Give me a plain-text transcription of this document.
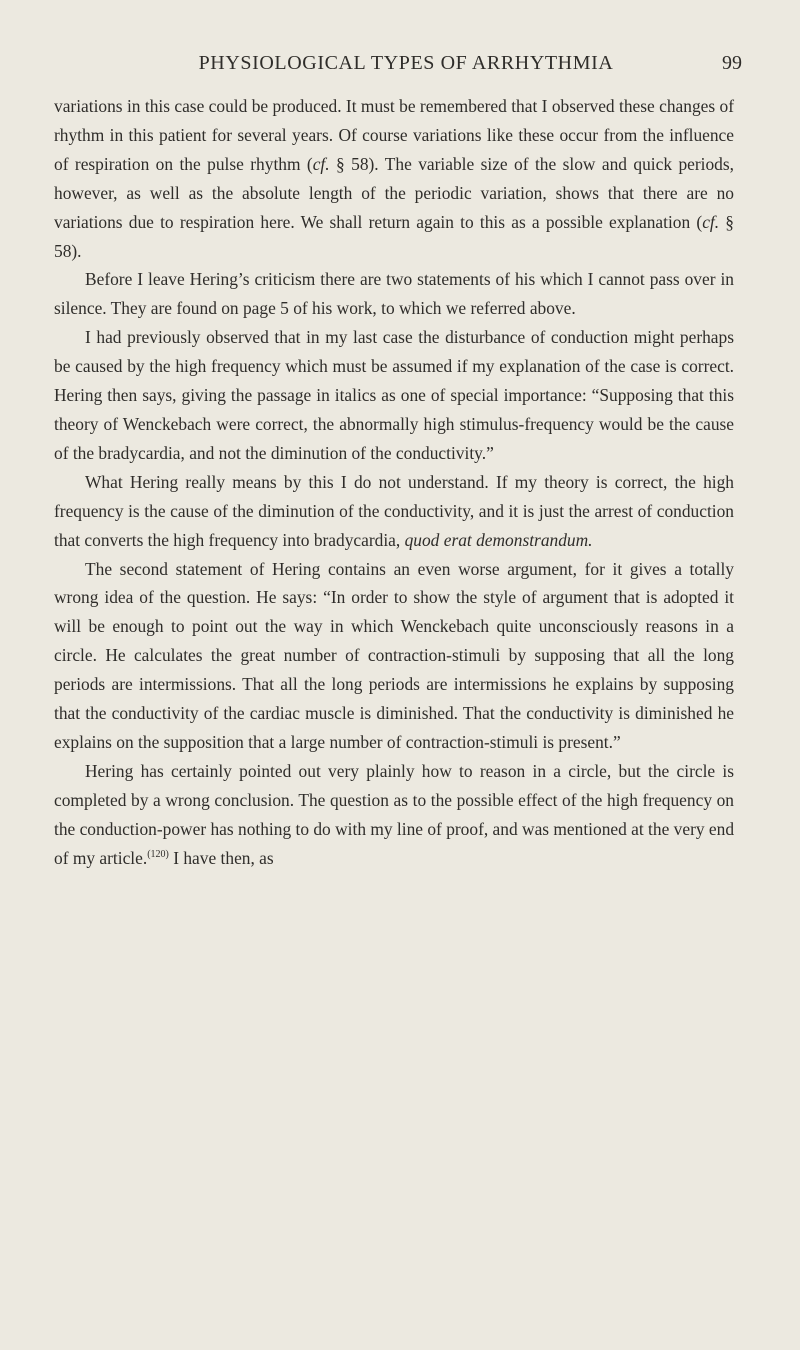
PHYSIOLOGICAL TYPES OF ARRHYTHMIA	99

variations in this case could be produced. It must be remembered that I observed these changes of rhythm in this patient for several years. Of course variations like these occur from the influence of respiration on the pulse rhythm (cf. § 58). The variable size of the slow and quick periods, however, as well as the absolute length of the periodic variation, shows that there are no variations due to respiration here. We shall return again to this as a possible explanation (cf. § 58).

Before I leave Hering’s criticism there are two statements of his which I cannot pass over in silence. They are found on page 5 of his work, to which we referred above.

I had previously observed that in my last case the disturbance of conduction might perhaps be caused by the high frequency which must be assumed if my explanation of the case is correct. Hering then says, giving the passage in italics as one of special importance: “Supposing that this theory of Wenckebach were correct, the abnormally high stimulus-frequency would be the cause of the bradycardia, and not the diminution of the conductivity.”

What Hering really means by this I do not understand. If my theory is correct, the high frequency is the cause of the diminution of the conductivity, and it is just the arrest of conduction that converts the high frequency into bradycardia, quod erat demonstrandum.

The second statement of Hering contains an even worse argument, for it gives a totally wrong idea of the question. He says: “In order to show the style of argument that is adopted it will be enough to point out the way in which Wenckebach quite unconsciously reasons in a circle. He calculates the great number of contraction-stimuli by supposing that all the long periods are intermissions. That all the long periods are intermissions he explains by supposing that the conductivity of the cardiac muscle is diminished. That the conductivity is diminished he explains on the supposition that a large number of contraction-stimuli is present.”

Hering has certainly pointed out very plainly how to reason in a circle, but the circle is completed by a wrong conclusion. The question as to the possible effect of the high frequency on the conduction-power has nothing to do with my line of proof, and was mentioned at the very end of my article.$^{(120)}$ I have then, as
